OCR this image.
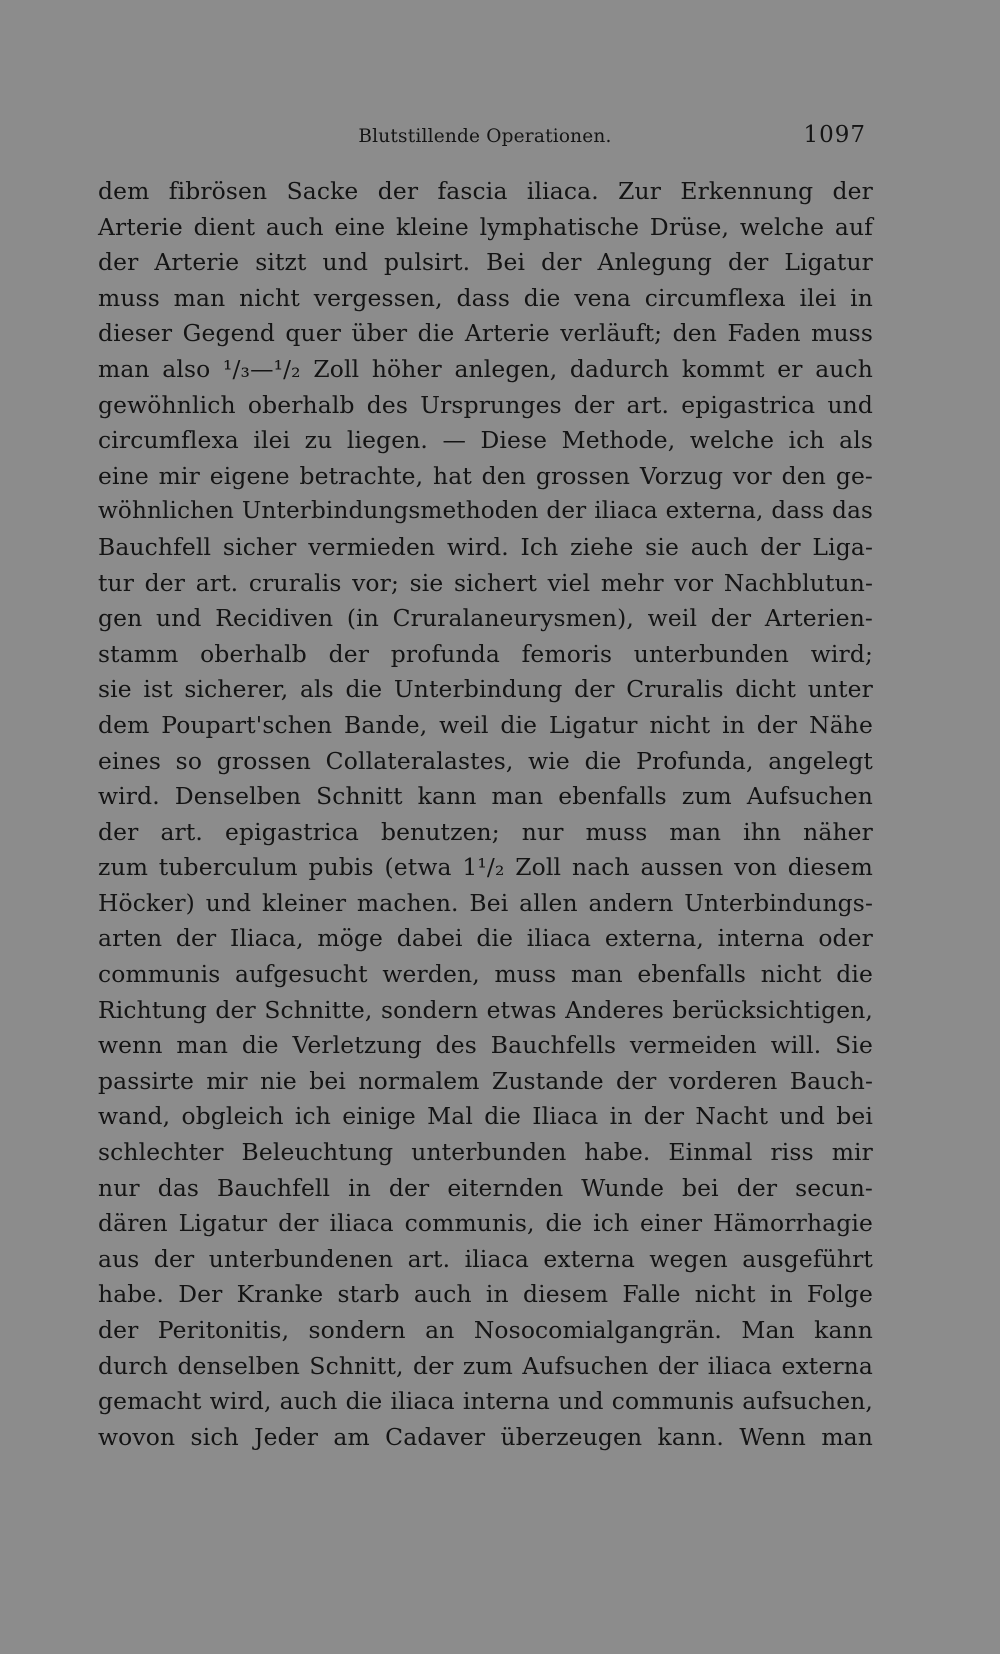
Blutstillende Operationen.	1097
dem fibrösen Sacke der fascia iliaca. Zur Erkennung der
Arterie dient auch eine kleine lymphatische Drüse, welche auf
der Arterie sitzt und pulsirt. Bei der Anlegung der Ligatur
muss man nicht vergessen, dass die vena circumflexa ilei in
dieser Gegend quer über die Arterie verläuft; den Faden muss
man also ¹/₃—¹/₂ Zoll höher anlegen, dadurch kommt er auch
gewöhnlich oberhalb des Ursprunges der art. epigastrica und
circumflexa ilei zu liegen. — Diese Methode, welche ich als
eine mir eigene betrachte, hat den grossen Vorzug vor den ge-
wöhnlichen Unterbindungsmethoden der iliaca externa, dass das
Bauchfell sicher vermieden wird. Ich ziehe sie auch der Liga-
tur der art. cruralis vor; sie sichert viel mehr vor Nachblutun-
gen und Recidiven (in Cruralaneurysmen), weil der Arterien-
stamm oberhalb der profunda femoris unterbunden wird;
sie ist sicherer, als die Unterbindung der Cruralis dicht unter
dem Poupart'schen Bande, weil die Ligatur nicht in der Nähe
eines so grossen Collateralastes, wie die Profunda, angelegt
wird. Denselben Schnitt kann man ebenfalls zum Aufsuchen
der art. epigastrica benutzen; nur muss man ihn näher
zum tuberculum pubis (etwa 1¹/₂ Zoll nach aussen von diesem
Höcker) und kleiner machen. Bei allen andern Unterbindungs-
arten der Iliaca, möge dabei die iliaca externa, interna oder
communis aufgesucht werden, muss man ebenfalls nicht die
Richtung der Schnitte, sondern etwas Anderes berücksichtigen,
wenn man die Verletzung des Bauchfells vermeiden will. Sie
passirte mir nie bei normalem Zustande der vorderen Bauch-
wand, obgleich ich einige Mal die Iliaca in der Nacht und bei
schlechter Beleuchtung unterbunden habe. Einmal riss mir
nur das Bauchfell in der eiternden Wunde bei der secun-
dären Ligatur der iliaca communis, die ich einer Hämorrhagie
aus der unterbundenen art. iliaca externa wegen ausgeführt
habe. Der Kranke starb auch in diesem Falle nicht in Folge
der Peritonitis, sondern an Nosocomialgangrän. Man kann
durch denselben Schnitt, der zum Aufsuchen der iliaca externa
gemacht wird, auch die iliaca interna und communis aufsuchen,
wovon sich Jeder am Cadaver überzeugen kann. Wenn man
